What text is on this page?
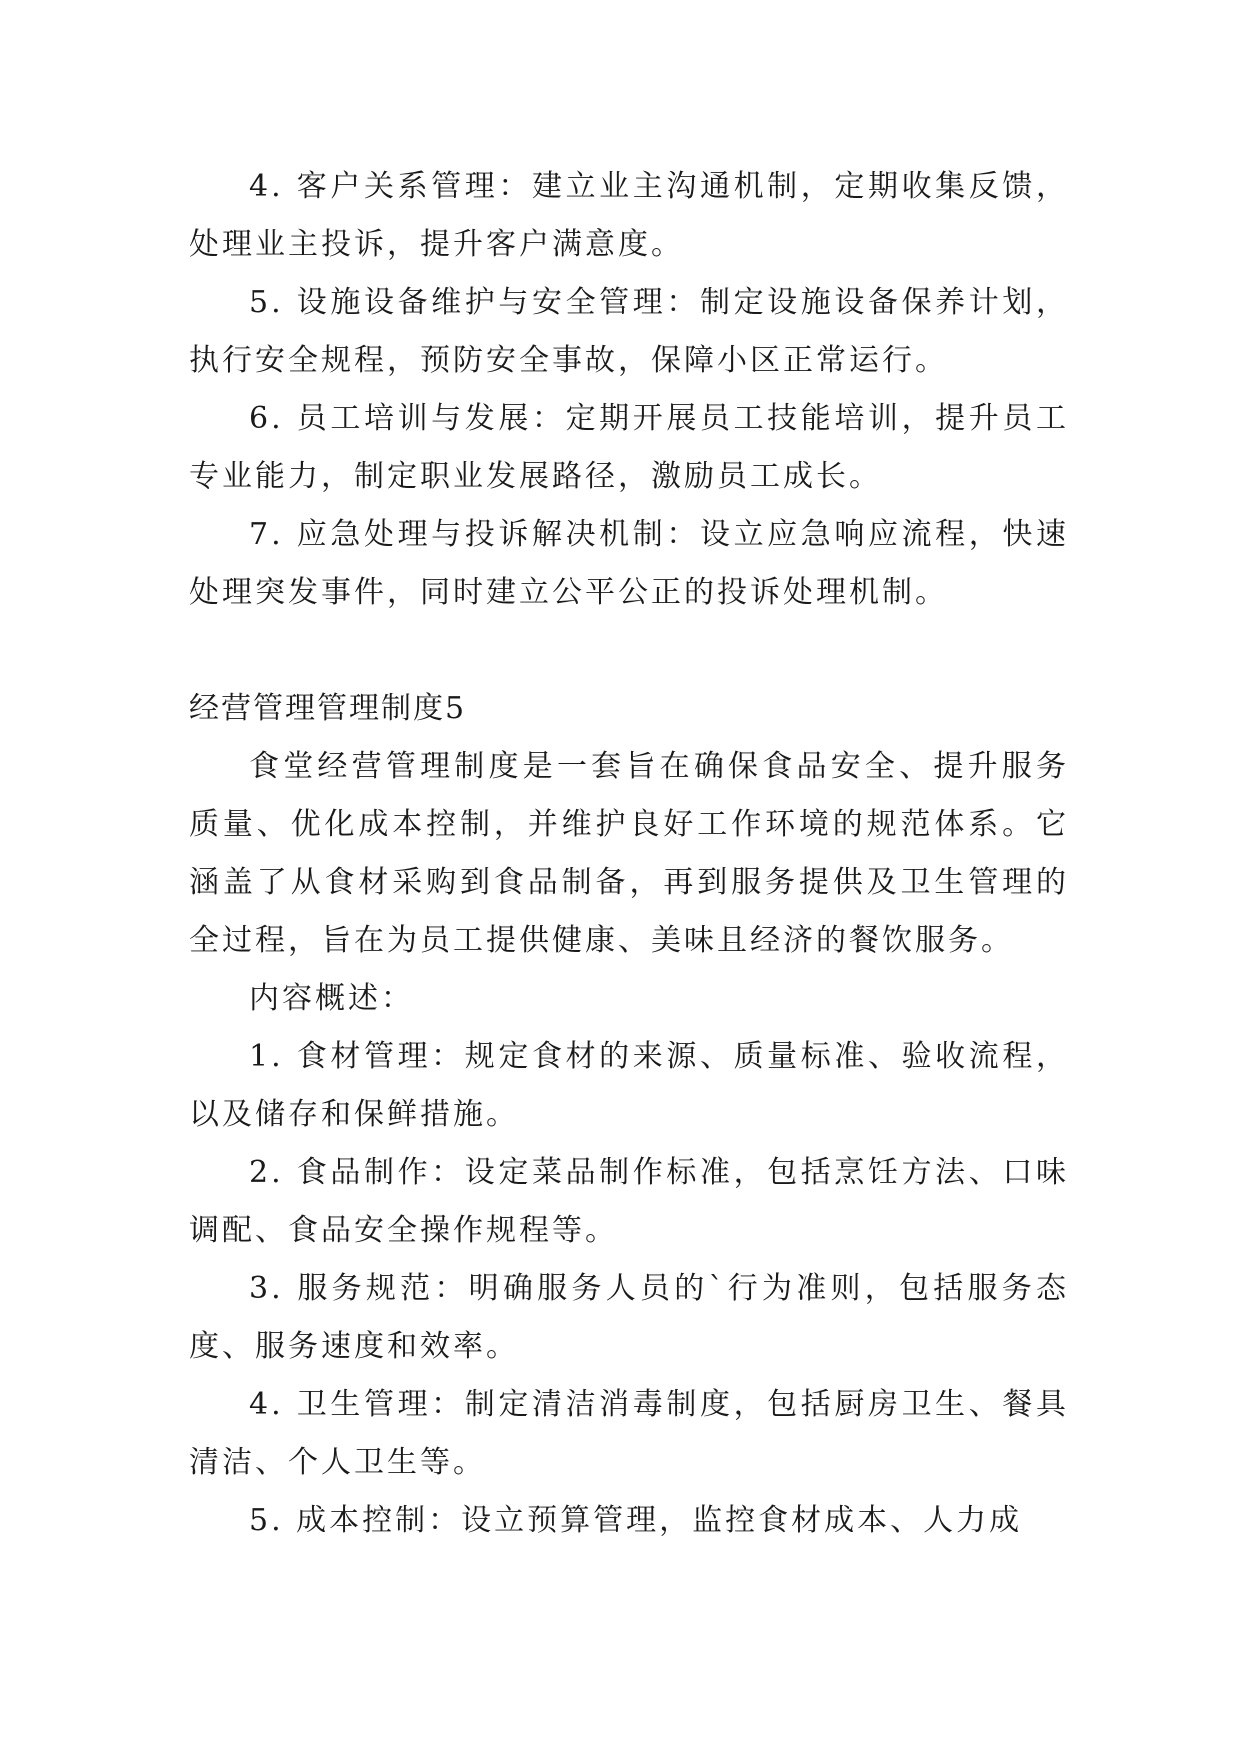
4. 客户关系管理：建立业主沟通机制，定期收集反馈，处理业主投诉，提升客户满意度。

5. 设施设备维护与安全管理：制定设施设备保养计划，执行安全规程，预防安全事故，保障小区正常运行。

6. 员工培训与发展：定期开展员工技能培训，提升员工专业能力，制定职业发展路径，激励员工成长。

7. 应急处理与投诉解决机制：设立应急响应流程，快速处理突发事件，同时建立公平公正的投诉处理机制。

经营管理管理制度5

食堂经营管理制度是一套旨在确保食品安全、提升服务质量、优化成本控制，并维护良好工作环境的规范体系。它涵盖了从食材采购到食品制备，再到服务提供及卫生管理的全过程，旨在为员工提供健康、美味且经济的餐饮服务。

内容概述：

1. 食材管理：规定食材的来源、质量标准、验收流程，以及储存和保鲜措施。

2. 食品制作：设定菜品制作标准，包括烹饪方法、口味调配、食品安全操作规程等。

3. 服务规范：明确服务人员的`行为准则，包括服务态度、服务速度和效率。

4. 卫生管理：制定清洁消毒制度，包括厨房卫生、餐具清洁、个人卫生等。

5. 成本控制：设立预算管理，监控食材成本、人力成
